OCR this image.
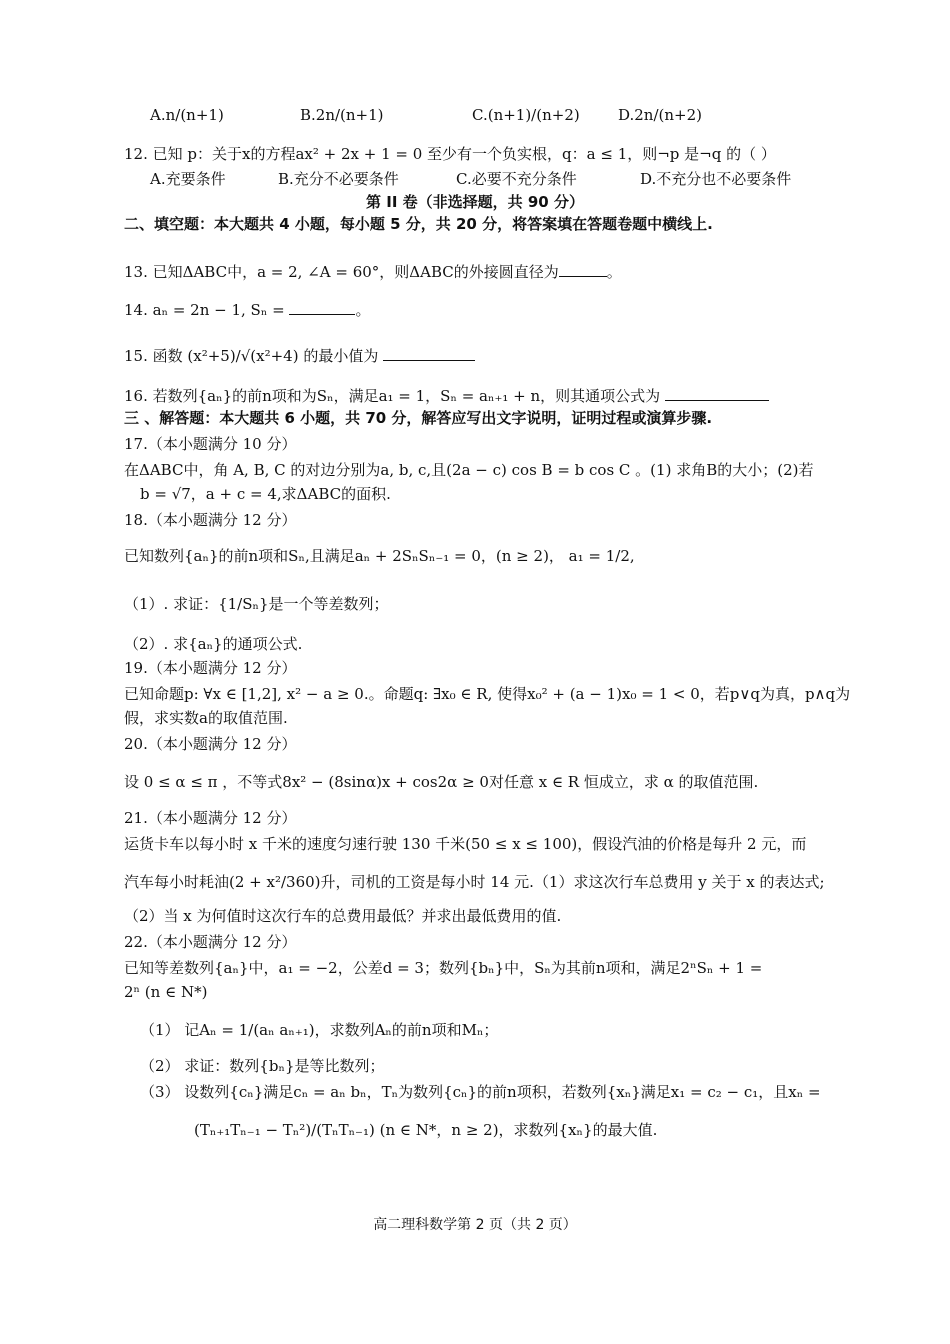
A.n/(n+1)	B.2n/(n+1)	C.(n+1)/(n+2)	D.2n/(n+2)
12. 已知 p：关于x的方程ax² + 2x + 1 = 0 至少有一个负实根，q：a ≤ 1，则¬p 是¬q 的（ ）
A.充要条件	B.充分不必要条件	C.必要不充分条件	D.不充分也不必要条件
第 II 卷（非选择题，共 90 分）
二、填空题：本大题共 4 小题，每小题 5 分，共 20 分，将答案填在答题卷题中横线上.
13. 已知ΔABC中，a = 2, ∠A = 60°，则ΔABC的外接圆直径为	。
14. aₙ = 2n − 1, Sₙ =	。
15. 函数 (x²+5)/√(x²+4) 的最小值为
16. 若数列{aₙ}的前n项和为Sₙ，满足a₁ = 1，Sₙ = aₙ₊₁ + n，则其通项公式为
三 、解答题：本大题共 6 小题，共 70 分，解答应写出文字说明，证明过程或演算步骤.
17.（本小题满分 10 分）
在ΔABC中，角 A, B, C 的对边分别为a, b, c,且(2a − c) cos B = b cos C 。(1) 求角B的大小；(2)若
b = √7，a + c = 4,求ΔABC的面积.
18.（本小题满分 12 分）
已知数列{aₙ}的前n项和Sₙ,且满足aₙ + 2SₙSₙ₋₁ = 0，(n ≥ 2)， a₁ = 1/2,
（1）. 求证：{1/Sₙ}是一个等差数列；
（2）. 求{aₙ}的通项公式.
19.（本小题满分 12 分）
已知命题p: ∀x ∈ [1,2], x² − a ≥ 0.。命题q: ∃x₀ ∈ R, 使得x₀² + (a − 1)x₀ = 1 < 0，若p∨q为真，p∧q为
假，求实数a的取值范围.
20.（本小题满分 12 分）
设 0 ≤ α ≤ π ，不等式8x² − (8sinα)x + cos2α ≥ 0对任意 x ∈ R 恒成立，求 α 的取值范围.
21.（本小题满分 12 分）
运货卡车以每小时 x 千米的速度匀速行驶 130 千米(50 ≤ x ≤ 100)，假设汽油的价格是每升 2 元，而
汽车每小时耗油(2 + x²/360)升，司机的工资是每小时 14 元.（1）求这次行车总费用 y 关于 x 的表达式;
（2）当 x 为何值时这次行车的总费用最低？并求出最低费用的值.
22.（本小题满分 12 分）
已知等差数列{aₙ}中，a₁ = −2，公差d = 3；数列{bₙ}中，Sₙ为其前n项和，满足2ⁿSₙ + 1 =
2ⁿ (n ∈ N*)
（1） 记Aₙ = 1/(aₙ aₙ₊₁)，求数列Aₙ的前n项和Mₙ；
（2） 求证：数列{bₙ}是等比数列；
（3） 设数列{cₙ}满足cₙ = aₙ bₙ，Tₙ为数列{cₙ}的前n项积，若数列{xₙ}满足x₁ = c₂ − c₁，且xₙ =
(Tₙ₊₁Tₙ₋₁ − Tₙ²)/(TₙTₙ₋₁) (n ∈ N*，n ≥ 2)，求数列{xₙ}的最大值.
高二理科数学第 2 页（共 2 页）
